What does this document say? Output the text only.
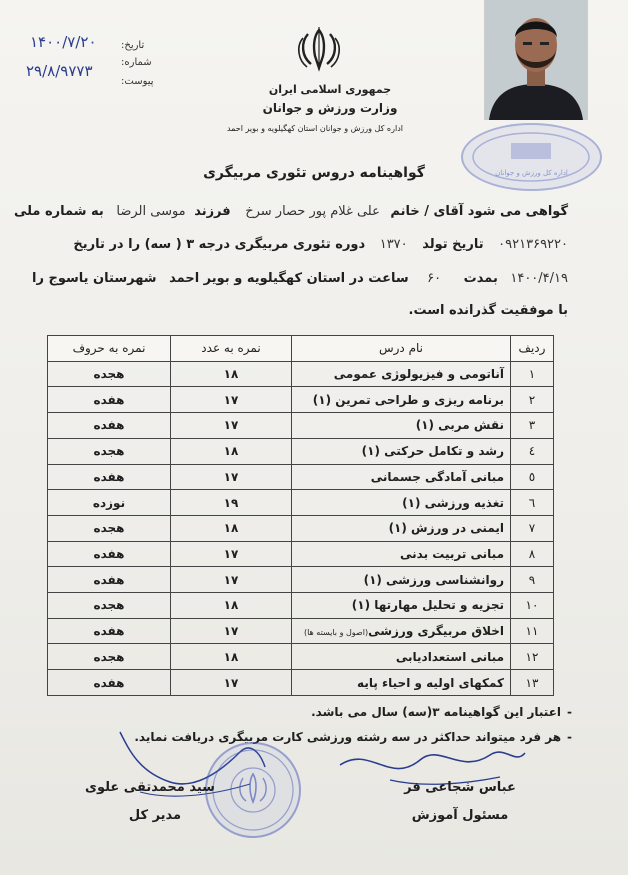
تاریخ:
۱۴۰۰/۷/۲۰
شماره:
۲۹/۸/۹۷۷۳
پیوست:
جمهوری اسلامی ایران
وزارت ورزش و جوانان
اداره کل ورزش و جوانان استان کهگیلویه و بویر احمد
اداره کل ورزش و جوانان
گواهینامه دروس تئوری مربیگری
گواهی می شود آقای / خانم علی غلام پور حصار سرخ فرزند موسی الرضا به شماره ملی
۰۹۲۱۳۶۹۲۲۰ تاریخ تولد ۱۳۷۰ دوره تئوری مربیگری درجه ۳ ( سه) را در تاریخ
۱۴۰۰/۴/۱۹ بمدت ۶۰ ساعت در استان کهگیلویه و بویر احمد شهرستان یاسوج را
با موفقیت گذرانده است.
ردیف	نام درس	نمره به عدد	نمره به حروف
۱	آناتومی و فیزیولوژی عمومی	۱۸	هجده
۲	برنامه ریزی و طراحی تمرین (۱)	۱۷	هفده
۳	نقش مربی (۱)	۱۷	هفده
٤	رشد و تکامل حرکتی (۱)	۱۸	هجده
٥	مبانی آمادگی جسمانی	۱۷	هفده
٦	تغذیه ورزشی (۱)	۱۹	نوزده
۷	ایمنی در ورزش (۱)	۱۸	هجده
۸	مبانی تربیت بدنی	۱۷	هفده
۹	روانشناسی ورزشی (۱)	۱۷	هفده
۱۰	تجزیه و تحلیل مهارتها (۱)	۱۸	هجده
۱۱	اخلاق مربیگری ورزشی(اصول و بایسته ها)	۱۷	هفده
۱۲	مبانی استعدادیابی	۱۸	هجده
۱۳	کمکهای اولیه و احیاء پایه	۱۷	هفده
-اعتبار این گواهینامه ۳(سه) سال می باشد.
-هر فرد میتواند حداکثر در سه رشته ورزشی کارت مربیگری دریافت نماید.
عباس شجاعی فر
مسئول آموزش
سید محمدتقی علوی
مدیر کل
